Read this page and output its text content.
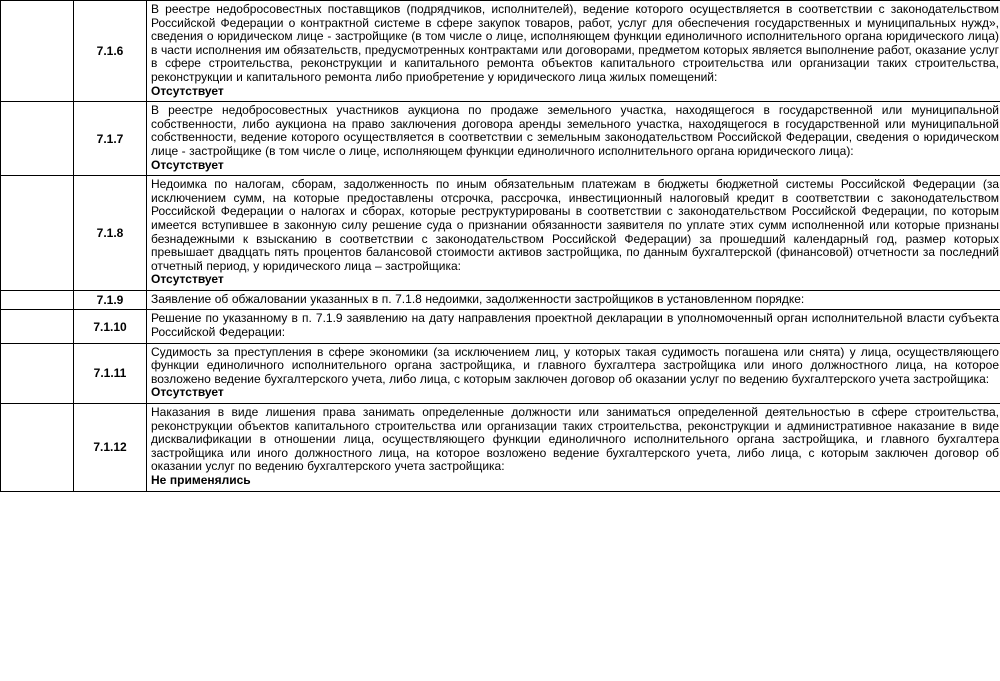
	7.1.6	В реестре недобросовестных поставщиков (подрядчиков, исполнителей), ведение которого осуществляется в соответствии с законодательством Российской Федерации о контрактной системе в сфере закупок товаров, работ, услуг для обеспечения государственных и муниципальных нужд», сведения о юридическом лице - застройщике (в том числе о лице, исполняющем функции единоличного исполнительного органа юридического лица) в части исполнения им обязательств, предусмотренных контрактами или договорами, предметом которых является выполнение работ, оказание услуг в сфере строительства, реконструкции и капитального ремонта объектов капитального строительства или организации таких строительства, реконструкции и капитального ремонта либо приобретение у юридического лица жилых помещений:
Отсутствует

	7.1.7	В реестре недобросовестных участников аукциона по продаже земельного участка, находящегося в государственной или муниципальной собственности, либо аукциона на право заключения договора аренды земельного участка, находящегося в государственной или муниципальной собственности, ведение которого осуществляется в соответствии с земельным законодательством Российской Федерации, сведения о юридическом лице - застройщике (в том числе о лице, исполняющем функции единоличного исполнительного органа юридического лица):
Отсутствует

	7.1.8	Недоимка по налогам, сборам, задолженность по иным обязательным платежам в бюджеты бюджетной системы Российской Федерации (за исключением сумм, на которые предоставлены отсрочка, рассрочка, инвестиционный налоговый кредит в соответствии с законодательством Российской Федерации о налогах и сборах, которые реструктурированы в соответствии с законодательством Российской Федерации, по которым имеется вступившее в законную силу решение суда о признании обязанности заявителя по уплате этих сумм исполненной или которые признаны безнадежными к взысканию в соответствии с законодательством Российской Федерации) за прошедший календарный год, размер которых превышает двадцать пять процентов балансовой стоимости активов застройщика, по данным бухгалтерской (финансовой) отчетности за последний отчетный период, у юридического лица – застройщика:
Отсутствует

	7.1.9	Заявление об обжаловании указанных в п. 7.1.8 недоимки, задолженности застройщиков в установленном порядке:

	7.1.10	Решение по указанному в п. 7.1.9 заявлению на дату направления проектной декларации в уполномоченный орган исполнительной власти субъекта Российской Федерации:

	7.1.11	Судимость за преступления в сфере экономики (за исключением лиц, у которых такая судимость погашена или снята) у лица, осуществляющего функции единоличного исполнительного органа застройщика, и главного бухгалтера застройщика или иного должностного лица, на которое возложено ведение бухгалтерского учета, либо лица, с которым заключен договор об оказании услуг по ведению бухгалтерского учета застройщика:
Отсутствует

	7.1.12	Наказания в виде лишения права занимать определенные должности или заниматься определенной деятельностью в сфере строительства, реконструкции объектов капитального строительства или организации таких строительства, реконструкции и административное наказание в виде дисквалификации в отношении лица, осуществляющего функции единоличного исполнительного органа застройщика, и главного бухгалтера застройщика или иного должностного лица, на которое возложено ведение бухгалтерского учета, либо лица, с которым заключен договор об оказании услуг по ведению бухгалтерского учета застройщика:
Не применялись
